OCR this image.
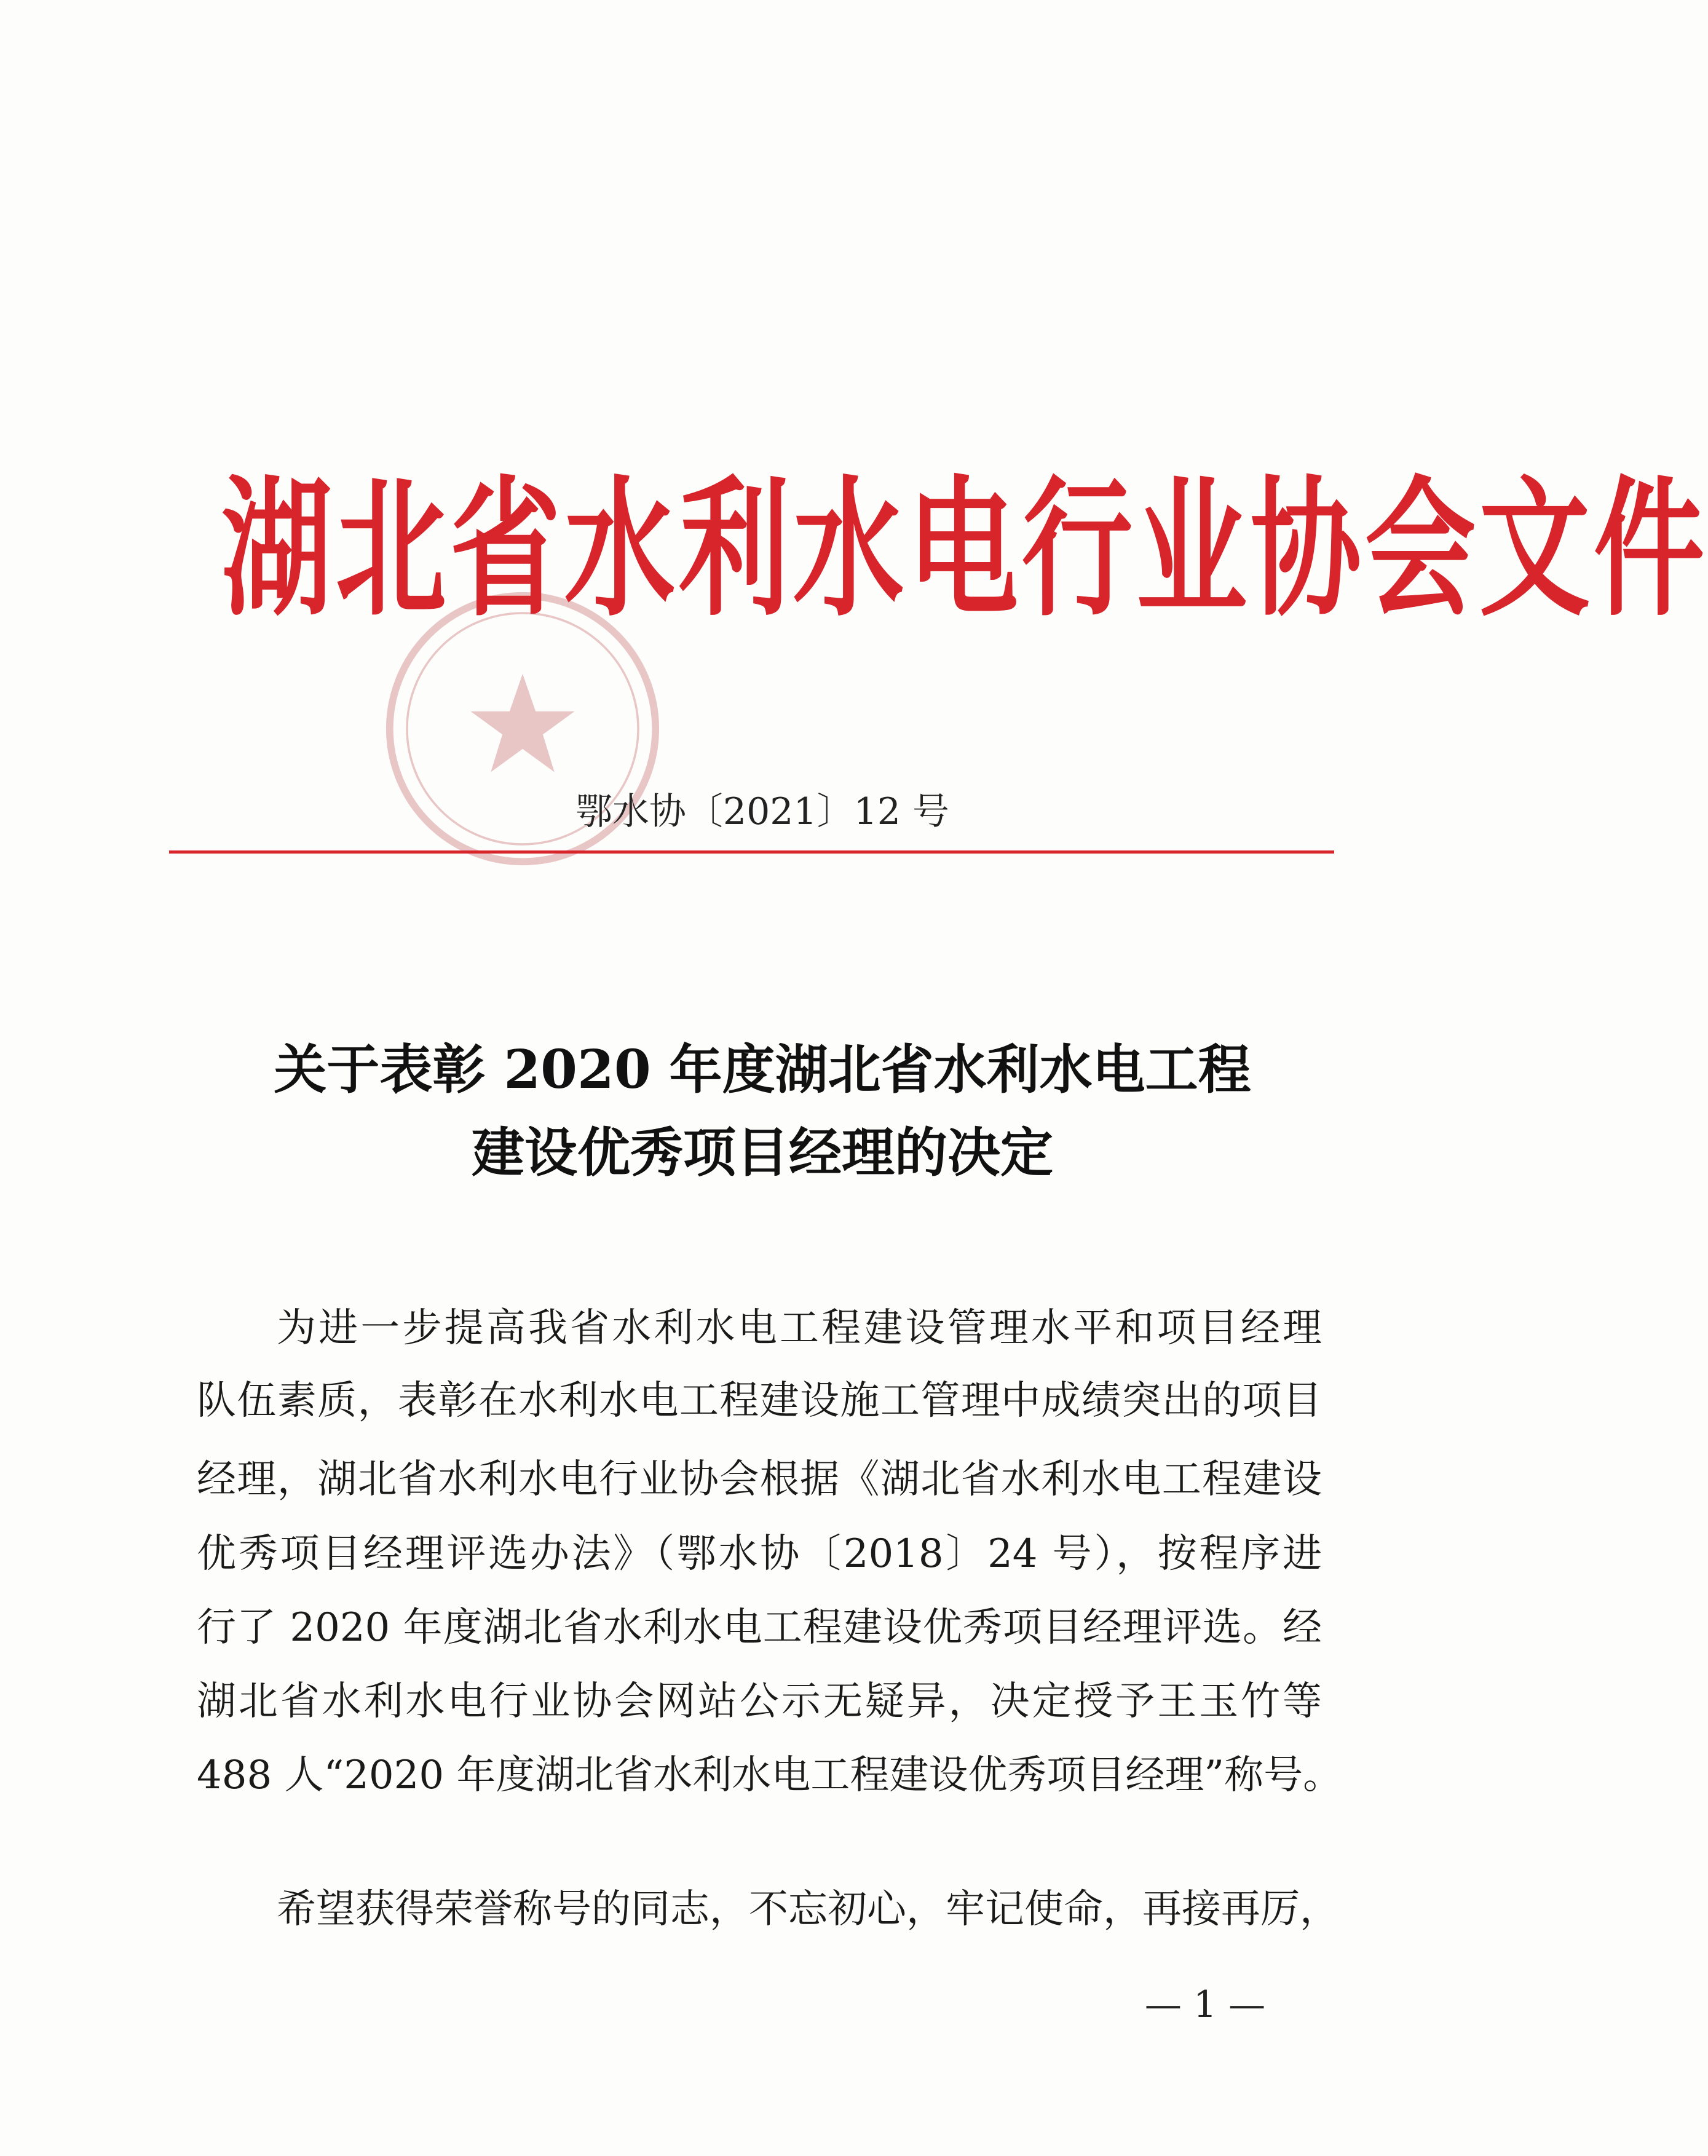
湖北省水利水电行业协会文件
鄂水协〔2021〕12 号
关于表彰 2020 年度湖北省水利水电工程
建设优秀项目经理的决定
为进一步提高我省水利水电工程建设管理水平和项目经理
队伍素质，表彰在水利水电工程建设施工管理中成绩突出的项目
经理，湖北省水利水电行业协会根据《湖北省水利水电工程建设
优秀项目经理评选办法》（鄂水协〔2018〕24 号），按程序进
行了 2020 年度湖北省水利水电工程建设优秀项目经理评选。经
湖北省水利水电行业协会网站公示无疑异，决定授予王玉竹等
488 人“2020 年度湖北省水利水电工程建设优秀项目经理”称号。
希望获得荣誉称号的同志，不忘初心，牢记使命，再接再厉，
— 1 —
